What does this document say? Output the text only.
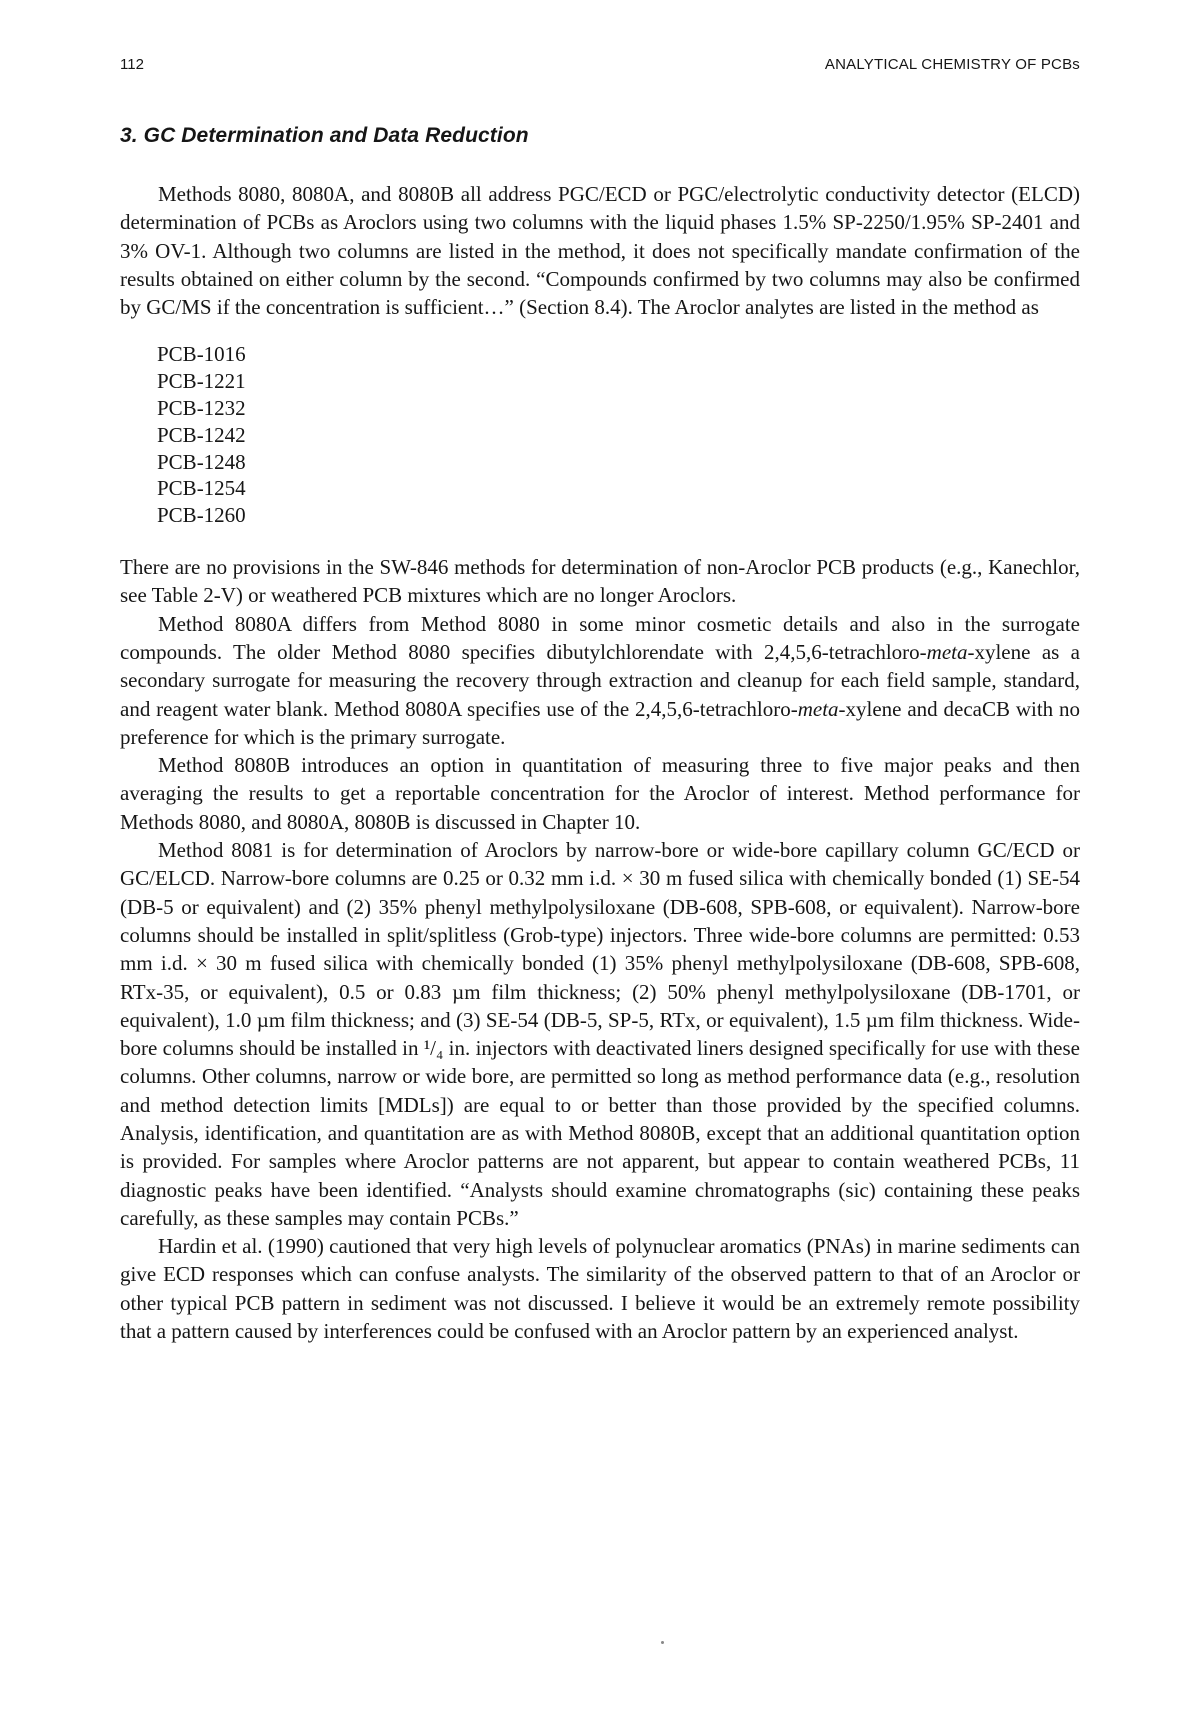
112	ANALYTICAL CHEMISTRY OF PCBs
3. GC Determination and Data Reduction

Methods 8080, 8080A, and 8080B all address PGC/ECD or PGC/electrolytic conductivity detector (ELCD) determination of PCBs as Aroclors using two columns with the liquid phases 1.5% SP-2250/1.95% SP-2401 and 3% OV-1. Although two columns are listed in the method, it does not specifically mandate confirmation of the results obtained on either column by the second. “Compounds confirmed by two columns may also be confirmed by GC/MS if the concentration is sufficient…” (Section 8.4). The Aroclor analytes are listed in the method as

PCB-1016
PCB-1221
PCB-1232
PCB-1242
PCB-1248
PCB-1254
PCB-1260

There are no provisions in the SW-846 methods for determination of non-Aroclor PCB products (e.g., Kanechlor, see Table 2-V) or weathered PCB mixtures which are no longer Aroclors.

Method 8080A differs from Method 8080 in some minor cosmetic details and also in the surrogate compounds. The older Method 8080 specifies dibutylchlorendate with 2,4,5,6-tetrachloro-meta-xylene as a secondary surrogate for measuring the recovery through extraction and cleanup for each field sample, standard, and reagent water blank. Method 8080A specifies use of the 2,4,5,6-tetrachloro-meta-xylene and decaCB with no preference for which is the primary surrogate.

Method 8080B introduces an option in quantitation of measuring three to five major peaks and then averaging the results to get a reportable concentration for the Aroclor of interest. Method performance for Methods 8080, and 8080A, 8080B is discussed in Chapter 10.

Method 8081 is for determination of Aroclors by narrow-bore or wide-bore capillary column GC/ECD or GC/ELCD. Narrow-bore columns are 0.25 or 0.32 mm i.d. × 30 m fused silica with chemically bonded (1) SE-54 (DB-5 or equivalent) and (2) 35% phenyl methylpolysiloxane (DB-608, SPB-608, or equivalent). Narrow-bore columns should be installed in split/splitless (Grob-type) injectors. Three wide-bore columns are permitted: 0.53 mm i.d. × 30 m fused silica with chemically bonded (1) 35% phenyl methylpolysiloxane (DB-608, SPB-608, RTx-35, or equivalent), 0.5 or 0.83 µm film thickness; (2) 50% phenyl methylpolysiloxane (DB-1701, or equivalent), 1.0 µm film thickness; and (3) SE-54 (DB-5, SP-5, RTx, or equivalent), 1.5 µm film thickness. Wide-bore columns should be installed in ¹/₄ in. injectors with deactivated liners designed specifically for use with these columns. Other columns, narrow or wide bore, are permitted so long as method performance data (e.g., resolution and method detection limits [MDLs]) are equal to or better than those provided by the specified columns. Analysis, identification, and quantitation are as with Method 8080B, except that an additional quantitation option is provided. For samples where Aroclor patterns are not apparent, but appear to contain weathered PCBs, 11 diagnostic peaks have been identified. “Analysts should examine chromatographs (sic) containing these peaks carefully, as these samples may contain PCBs.”

Hardin et al. (1990) cautioned that very high levels of polynuclear aromatics (PNAs) in marine sediments can give ECD responses which can confuse analysts. The similarity of the observed pattern to that of an Aroclor or other typical PCB pattern in sediment was not discussed. I believe it would be an extremely remote possibility that a pattern caused by interferences could be confused with an Aroclor pattern by an experienced analyst.
